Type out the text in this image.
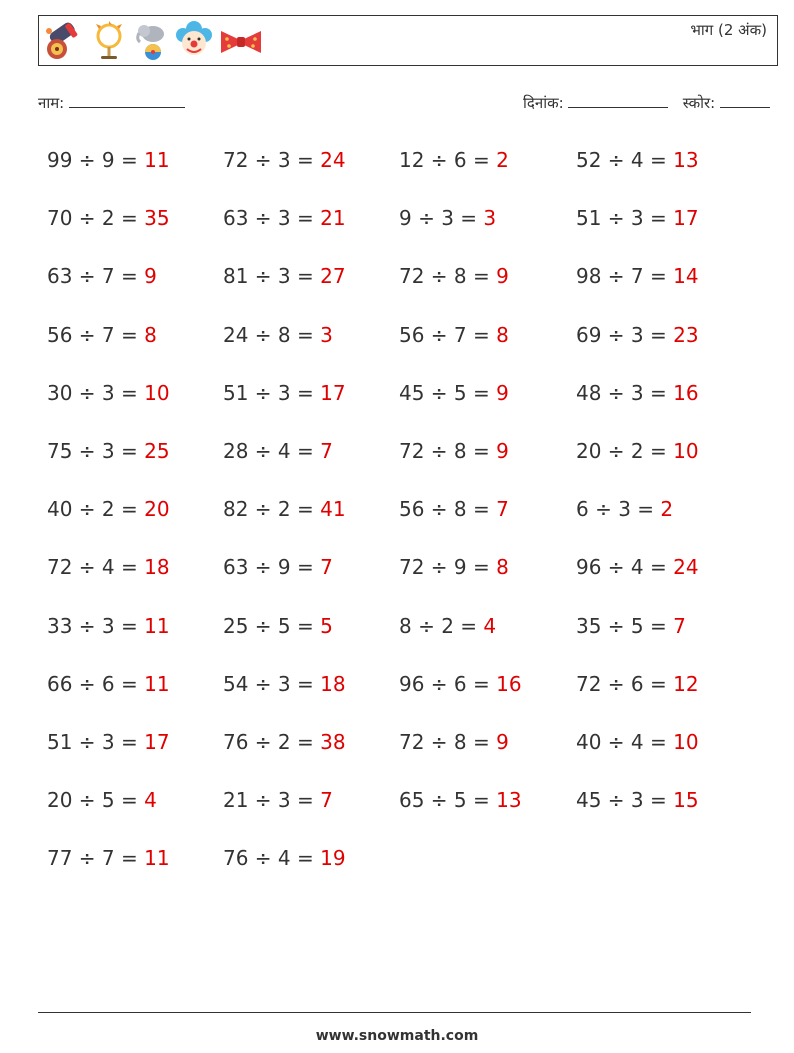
भाग (2 अंक)
नाम:	दिनांक:	स्कोर:
99 ÷ 9 = 11	72 ÷ 3 = 24	12 ÷ 6 = 2	52 ÷ 4 = 13
70 ÷ 2 = 35	63 ÷ 3 = 21	9 ÷ 3 = 3	51 ÷ 3 = 17
63 ÷ 7 = 9	81 ÷ 3 = 27	72 ÷ 8 = 9	98 ÷ 7 = 14
56 ÷ 7 = 8	24 ÷ 8 = 3	56 ÷ 7 = 8	69 ÷ 3 = 23
30 ÷ 3 = 10	51 ÷ 3 = 17	45 ÷ 5 = 9	48 ÷ 3 = 16
75 ÷ 3 = 25	28 ÷ 4 = 7	72 ÷ 8 = 9	20 ÷ 2 = 10
40 ÷ 2 = 20	82 ÷ 2 = 41	56 ÷ 8 = 7	6 ÷ 3 = 2
72 ÷ 4 = 18	63 ÷ 9 = 7	72 ÷ 9 = 8	96 ÷ 4 = 24
33 ÷ 3 = 11	25 ÷ 5 = 5	8 ÷ 2 = 4	35 ÷ 5 = 7
66 ÷ 6 = 11	54 ÷ 3 = 18	96 ÷ 6 = 16	72 ÷ 6 = 12
51 ÷ 3 = 17	76 ÷ 2 = 38	72 ÷ 8 = 9	40 ÷ 4 = 10
20 ÷ 5 = 4	21 ÷ 3 = 7	65 ÷ 5 = 13	45 ÷ 3 = 15
77 ÷ 7 = 11	76 ÷ 4 = 19
www.snowmath.com
